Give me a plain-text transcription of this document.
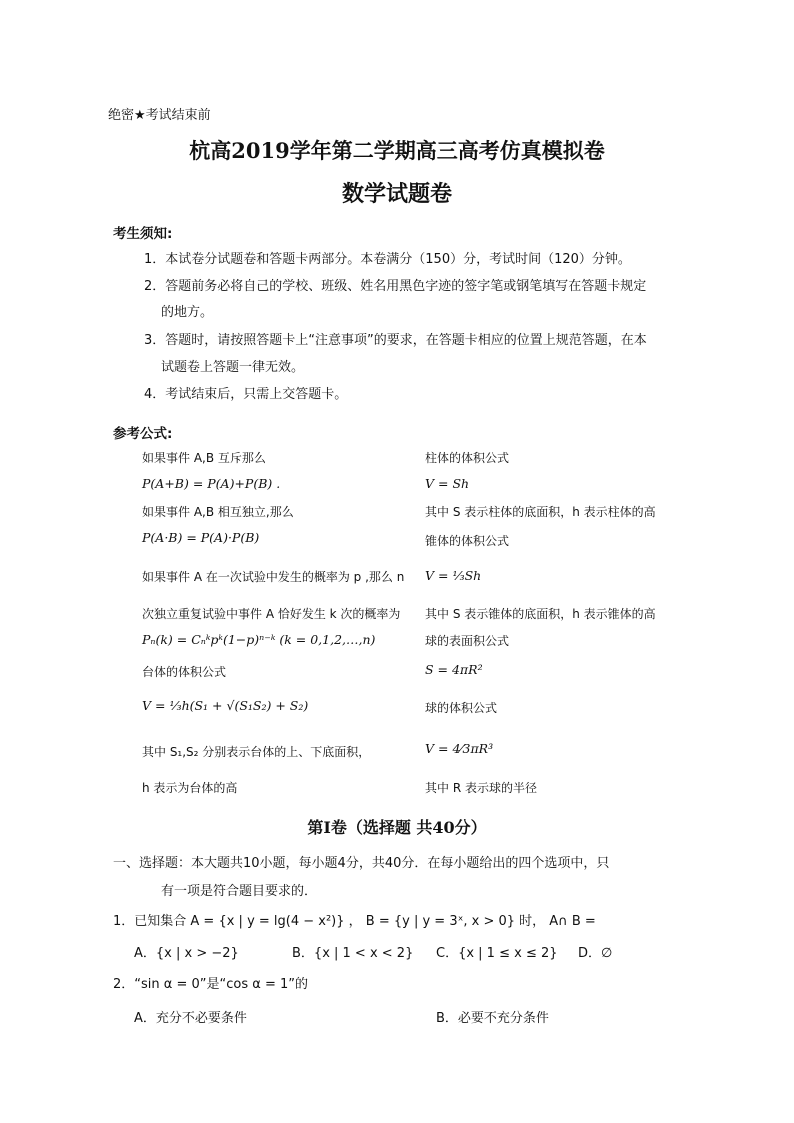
绝密★考试结束前
杭高2019学年第二学期高三高考仿真模拟卷
数学试题卷
考生须知:
1．本试卷分试题卷和答题卡两部分。本卷满分（150）分，考试时间（120）分钟。
2．答题前务必将自己的学校、班级、姓名用黑色字迹的签字笔或钢笔填写在答题卡规定
的地方。
3．答题时，请按照答题卡上“注意事项”的要求，在答题卡相应的位置上规范答题，在本
试题卷上答题一律无效。
4．考试结束后，只需上交答题卡。
参考公式:
如果事件 A,B 互斥那么
P(A+B) = P(A)+P(B) .
如果事件 A,B 相互独立,那么
P(A·B) = P(A)·P(B)
如果事件 A 在一次试验中发生的概率为 p ,那么 n
次独立重复试验中事件 A 恰好发生 k 次的概率为
Pₙ(k) = Cₙᵏpᵏ(1−p)ⁿ⁻ᵏ (k = 0,1,2,…,n)
台体的体积公式
V = ⅓h(S₁ + √(S₁S₂) + S₂)
其中 S₁,S₂ 分别表示台体的上、下底面积，
h 表示为台体的高
柱体的体积公式
V = Sh
其中 S 表示柱体的底面积，h 表示柱体的高
锥体的体积公式
V = ⅓Sh
其中 S 表示锥体的底面积，h 表示锥体的高
球的表面积公式
S = 4πR²
球的体积公式
V = 4⁄3πR³
其中 R 表示球的半径
第Ⅰ卷（选择题 共40分）
一、选择题：本大题共10小题，每小题4分，共40分．在每小题给出的四个选项中，只
有一项是符合题目要求的．
1．已知集合 A = {x | y = lg(4 − x²)} ， B = {y | y = 3ˣ, x > 0} 时， A∩ B =
A．{x | x > −2}	B．{x | 1 < x < 2} C．{x | 1 ≤ x ≤ 2} D．∅
2．“sin α = 0”是“cos α = 1”的
A．充分不必要条件	B．必要不充分条件
